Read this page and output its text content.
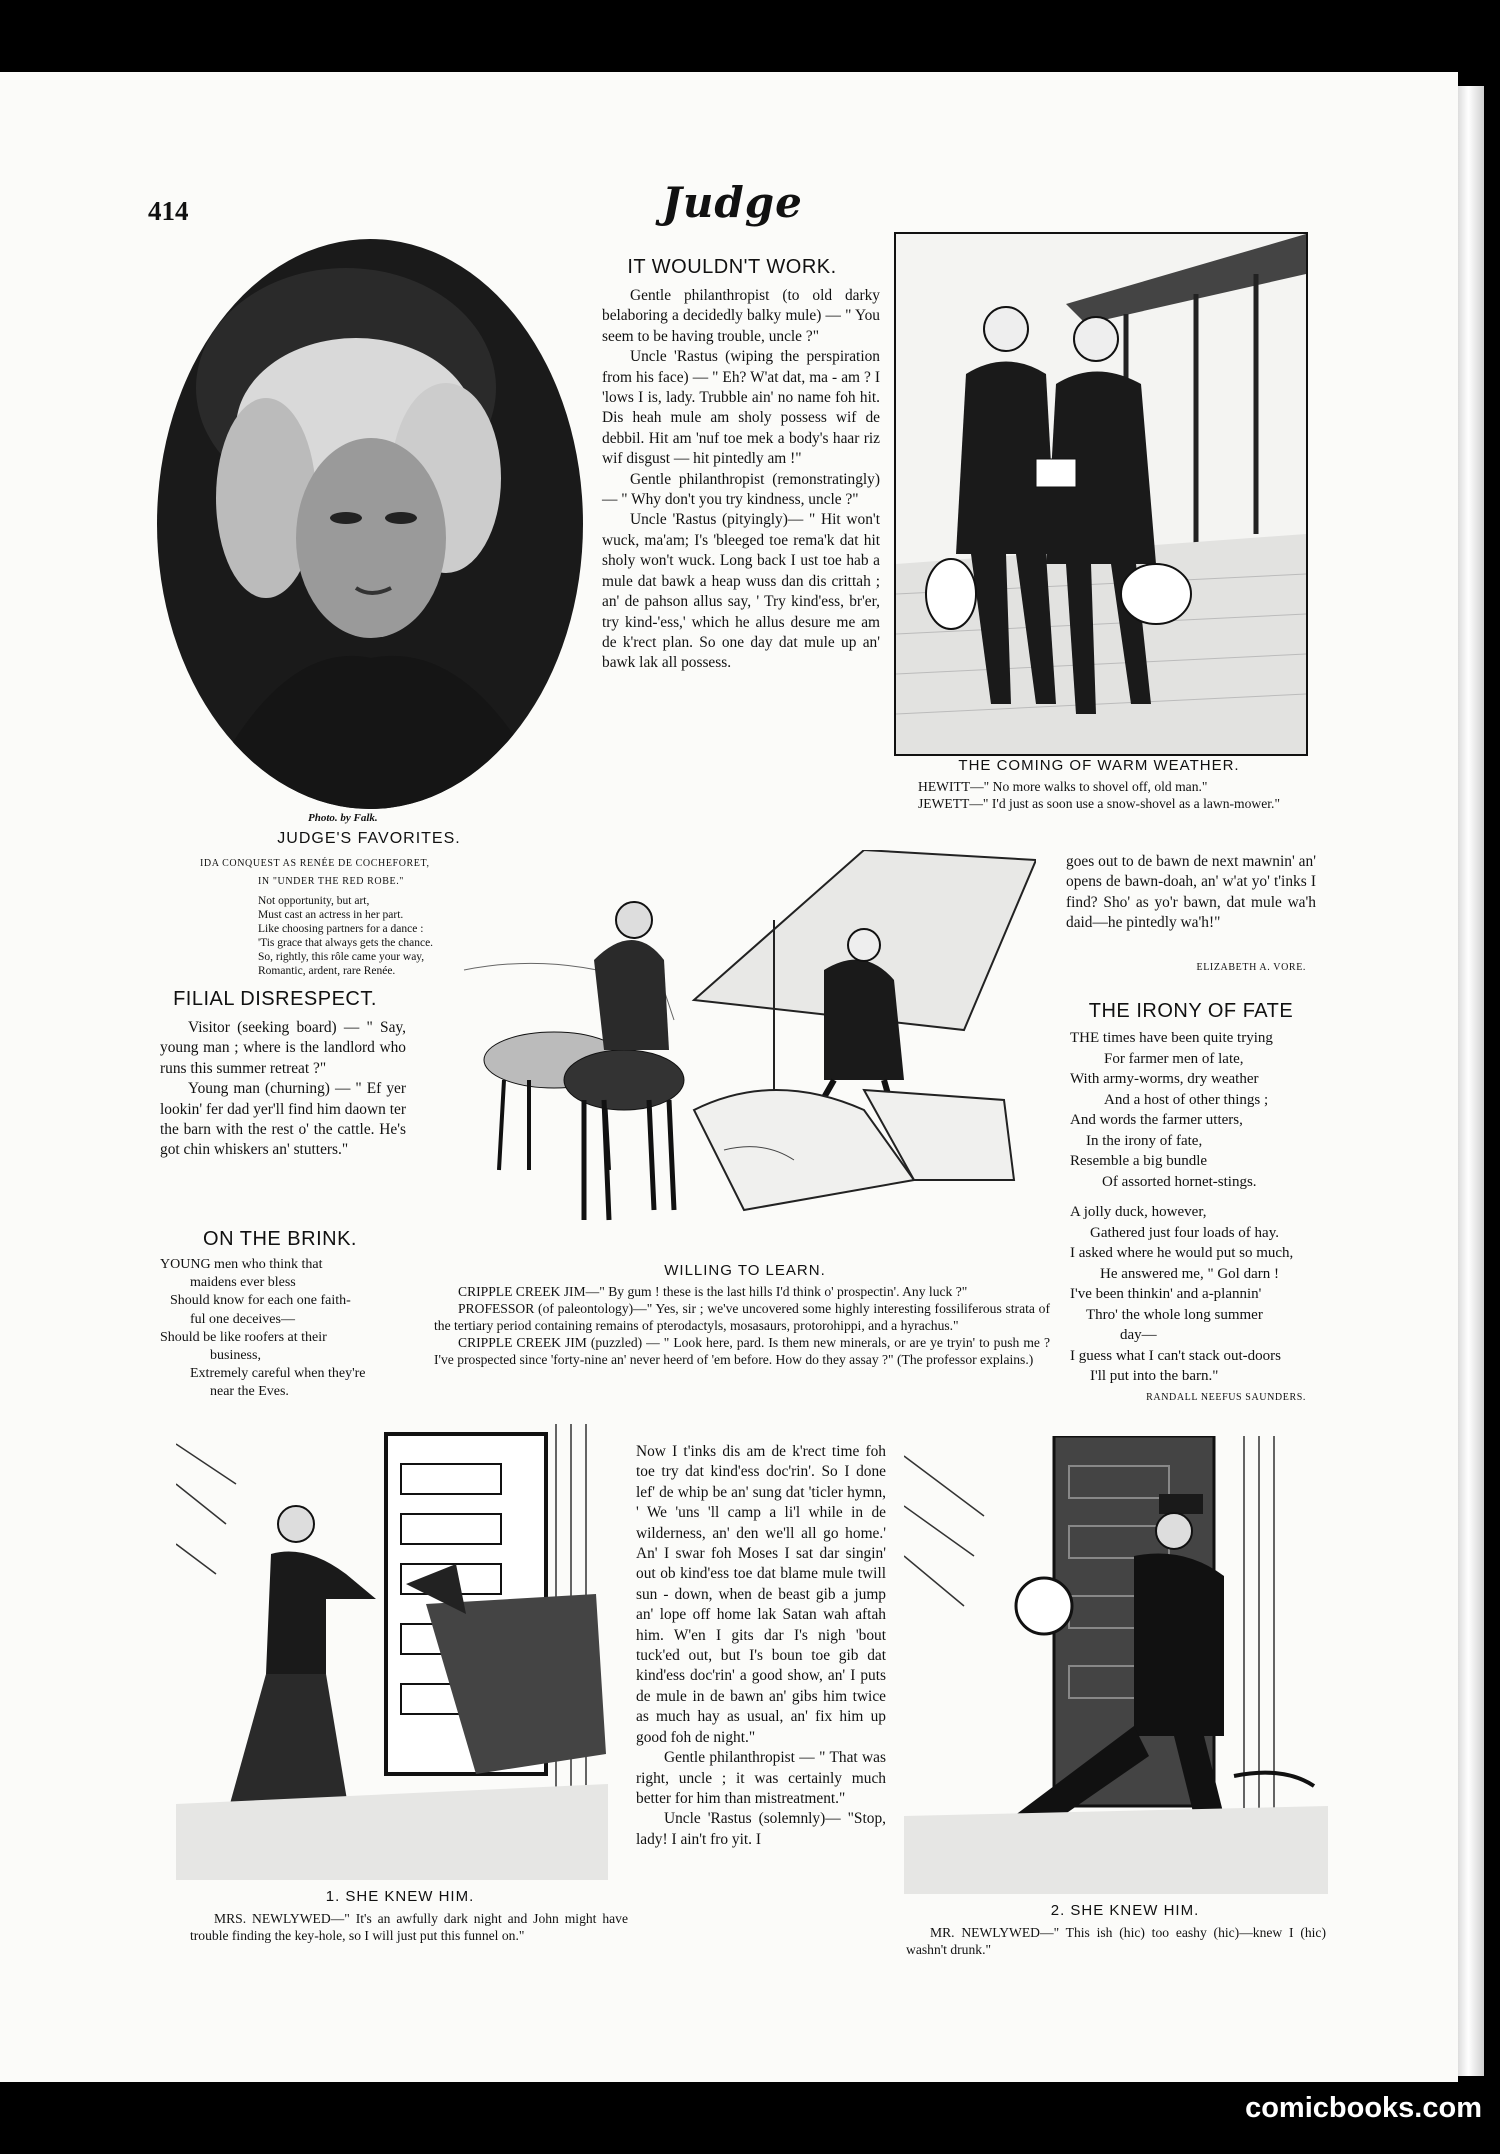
414	Judge
Photo. by Falk.
JUDGE'S FAVORITES.
IDA CONQUEST AS RENÉE DE COCHEFORET,
IN "UNDER THE RED ROBE."
Not opportunity, but art,
Must cast an actress in her part.
Like choosing partners for a dance :
'Tis grace that always gets the chance.
So, rightly, this rôle came your way,
Romantic, ardent, rare Renée.
IT WOULDN'T WORK.

Gentle philanthropist (to old darky belaboring a decidedly balky mule) — " You seem to be having trouble, uncle ?"

Uncle 'Rastus (wiping the perspiration from his face) — " Eh? W'at dat, ma - am ? I 'lows I is, lady. Trubble ain' no name foh hit. Dis heah mule am sholy possess wif de debbil. Hit am 'nuf toe mek a body's haar riz wif disgust — hit pintedly am !"

Gentle philanthropist (remonstratingly) — " Why don't you try kindness, uncle ?"

Uncle 'Rastus (pityingly)— " Hit won't wuck, ma'am; I's 'bleeged toe rema'k dat hit sholy won't wuck. Long back I ust toe hab a mule dat bawk a heap wuss dan dis crittah ; an' de pahson allus say, ' Try kind'ess, br'er, try kind-'ess,' which he allus desure me am de k'rect plan. So one day dat mule up an' bawk lak all possess.

THE COMING OF WARM WEATHER.

HEWITT—" No more walks to shovel off, old man."

JEWETT—" I'd just as soon use a snow-shovel as a lawn-mower."

WILLING TO LEARN.

CRIPPLE CREEK JIM—" By gum ! these is the last hills I'd think o' prospectin'. Any luck ?"

PROFESSOR (of paleontology)—" Yes, sir ; we've uncovered some highly interesting fossiliferous strata of the tertiary period containing remains of pterodactyls, mosasaurs, protorohippi, and a hyrachus."

CRIPPLE CREEK JIM (puzzled) — " Look here, pard. Is them new minerals, or are ye tryin' to push me ? I've prospected since 'forty-nine an' never heerd of 'em before. How do they assay ?" (The professor explains.)

goes out to de bawn de next mawnin' an' opens de bawn-doah, an' w'at yo' t'inks I find? Sho' as yo'r bawn, dat mule wa'h daid—he pintedly wa'h!"

ELIZABETH A. VORE.
FILIAL DISRESPECT.

Visitor (seeking board) — " Say, young man ; where is the landlord who runs this summer retreat ?"

Young man (churning) — " Ef yer lookin' fer dad yer'll find him daown ter the barn with the rest o' the cattle. He's got chin whiskers an' stutters."

ON THE BRINK.
YOUNG men who think that
maidens ever bless
Should know for each one faith-
ful one deceives—
Should be like roofers at their
business,
Extremely careful when they're
near the Eves.
THE IRONY OF FATE
THE times have been quite trying
For farmer men of late,
With army-worms, dry weather
And a host of other things ;
And words the farmer utters,
In the irony of fate,
Resemble a big bundle
Of assorted hornet-stings.
A jolly duck, however,
Gathered just four loads of hay.
I asked where he would put so much,
He answered me, " Gol darn !
I've been thinkin' and a-plannin'
Thro' the whole long summer
day—
I guess what I can't stack out-doors
I'll put into the barn."
RANDALL NEEFUS SAUNDERS.
1. SHE KNEW HIM.

MRS. NEWLYWED—" It's an awfully dark night and John might have trouble finding the key-hole, so I will just put this funnel on."

Now I t'inks dis am de k'rect time foh toe try dat kind'ess doc'rin'. So I done lef' de whip be an' sung dat 'ticler hymn, ' We 'uns 'll camp a li'l while in de wilderness, an' den we'll all go home.' An' I swar foh Moses I sat dar singin' out ob kind'ess toe dat blame mule twill sun - down, when de beast gib a jump an' lope off home lak Satan wah aftah him. W'en I gits dar I's nigh 'bout tuck'ed out, but I's boun toe gib dat kind'ess doc'rin' a good show, an' I puts de mule in de bawn an' gibs him twice as much hay as usual, an' fix him up good foh de night."

Gentle philanthropist — " That was right, uncle ; it was certainly much better for him than mistreatment."

Uncle 'Rastus (solemnly)— "Stop, lady! I ain't fro yit. I

2. SHE KNEW HIM.

MR. NEWLYWED—" This ish (hic) too eashy (hic)—knew I (hic) washn't drunk."

comicbooks.com
